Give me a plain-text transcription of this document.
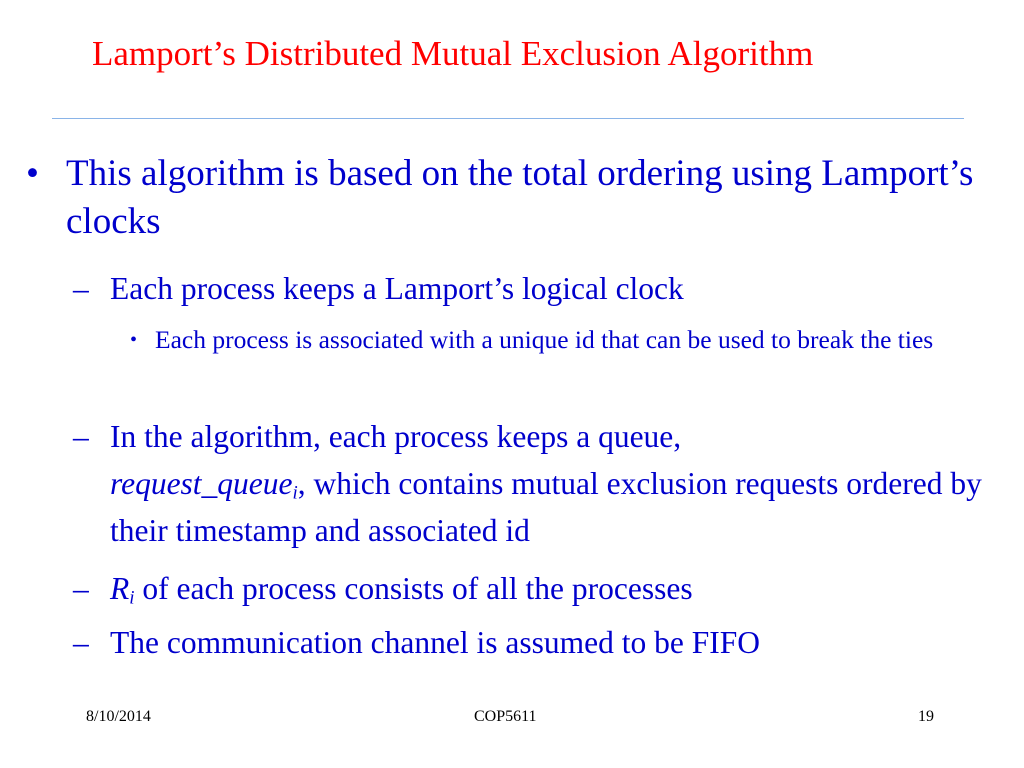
Lamport’s Distributed Mutual Exclusion Algorithm
• This algorithm is based on the total ordering using Lamport’s clocks
– Each process keeps a Lamport’s logical clock
• Each process is associated with a unique id that can be used to break the ties
– In the algorithm, each process keeps a queue,
request_queue$_i$, which contains mutual exclusion requests ordered by their timestamp and associated id
– $R_i$ of each process consists of all the processes
– The communication channel is assumed to be FIFO
8/10/2014	COP5611	19
